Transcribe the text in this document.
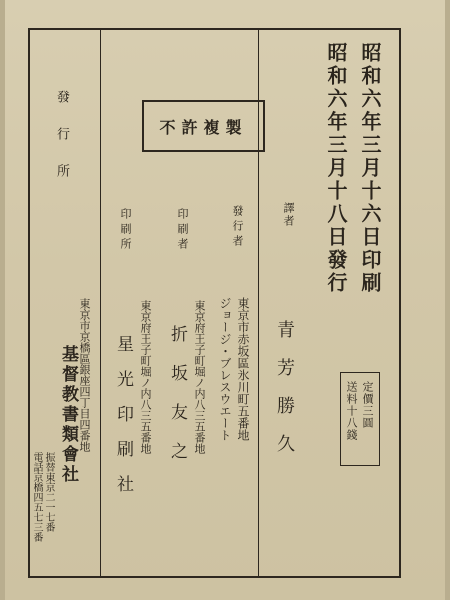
昭和六年三月十六日印刷
昭和六年三月十八日發行
定價三圓
送料十八錢
譯者
青芳勝久
發行者
東京市赤坂區氷川町五番地
ジョージ・ブレスウエート
印刷者
東京府王子町堀ノ内八三五番地
折坂友之
印刷所
東京府王子町堀ノ内八三五番地
星光印刷社
不許複製
發行所
東京市京橋區銀座四丁目四番地
基督教書類會社
振替東京二一七番
電話京橋四五七三番
